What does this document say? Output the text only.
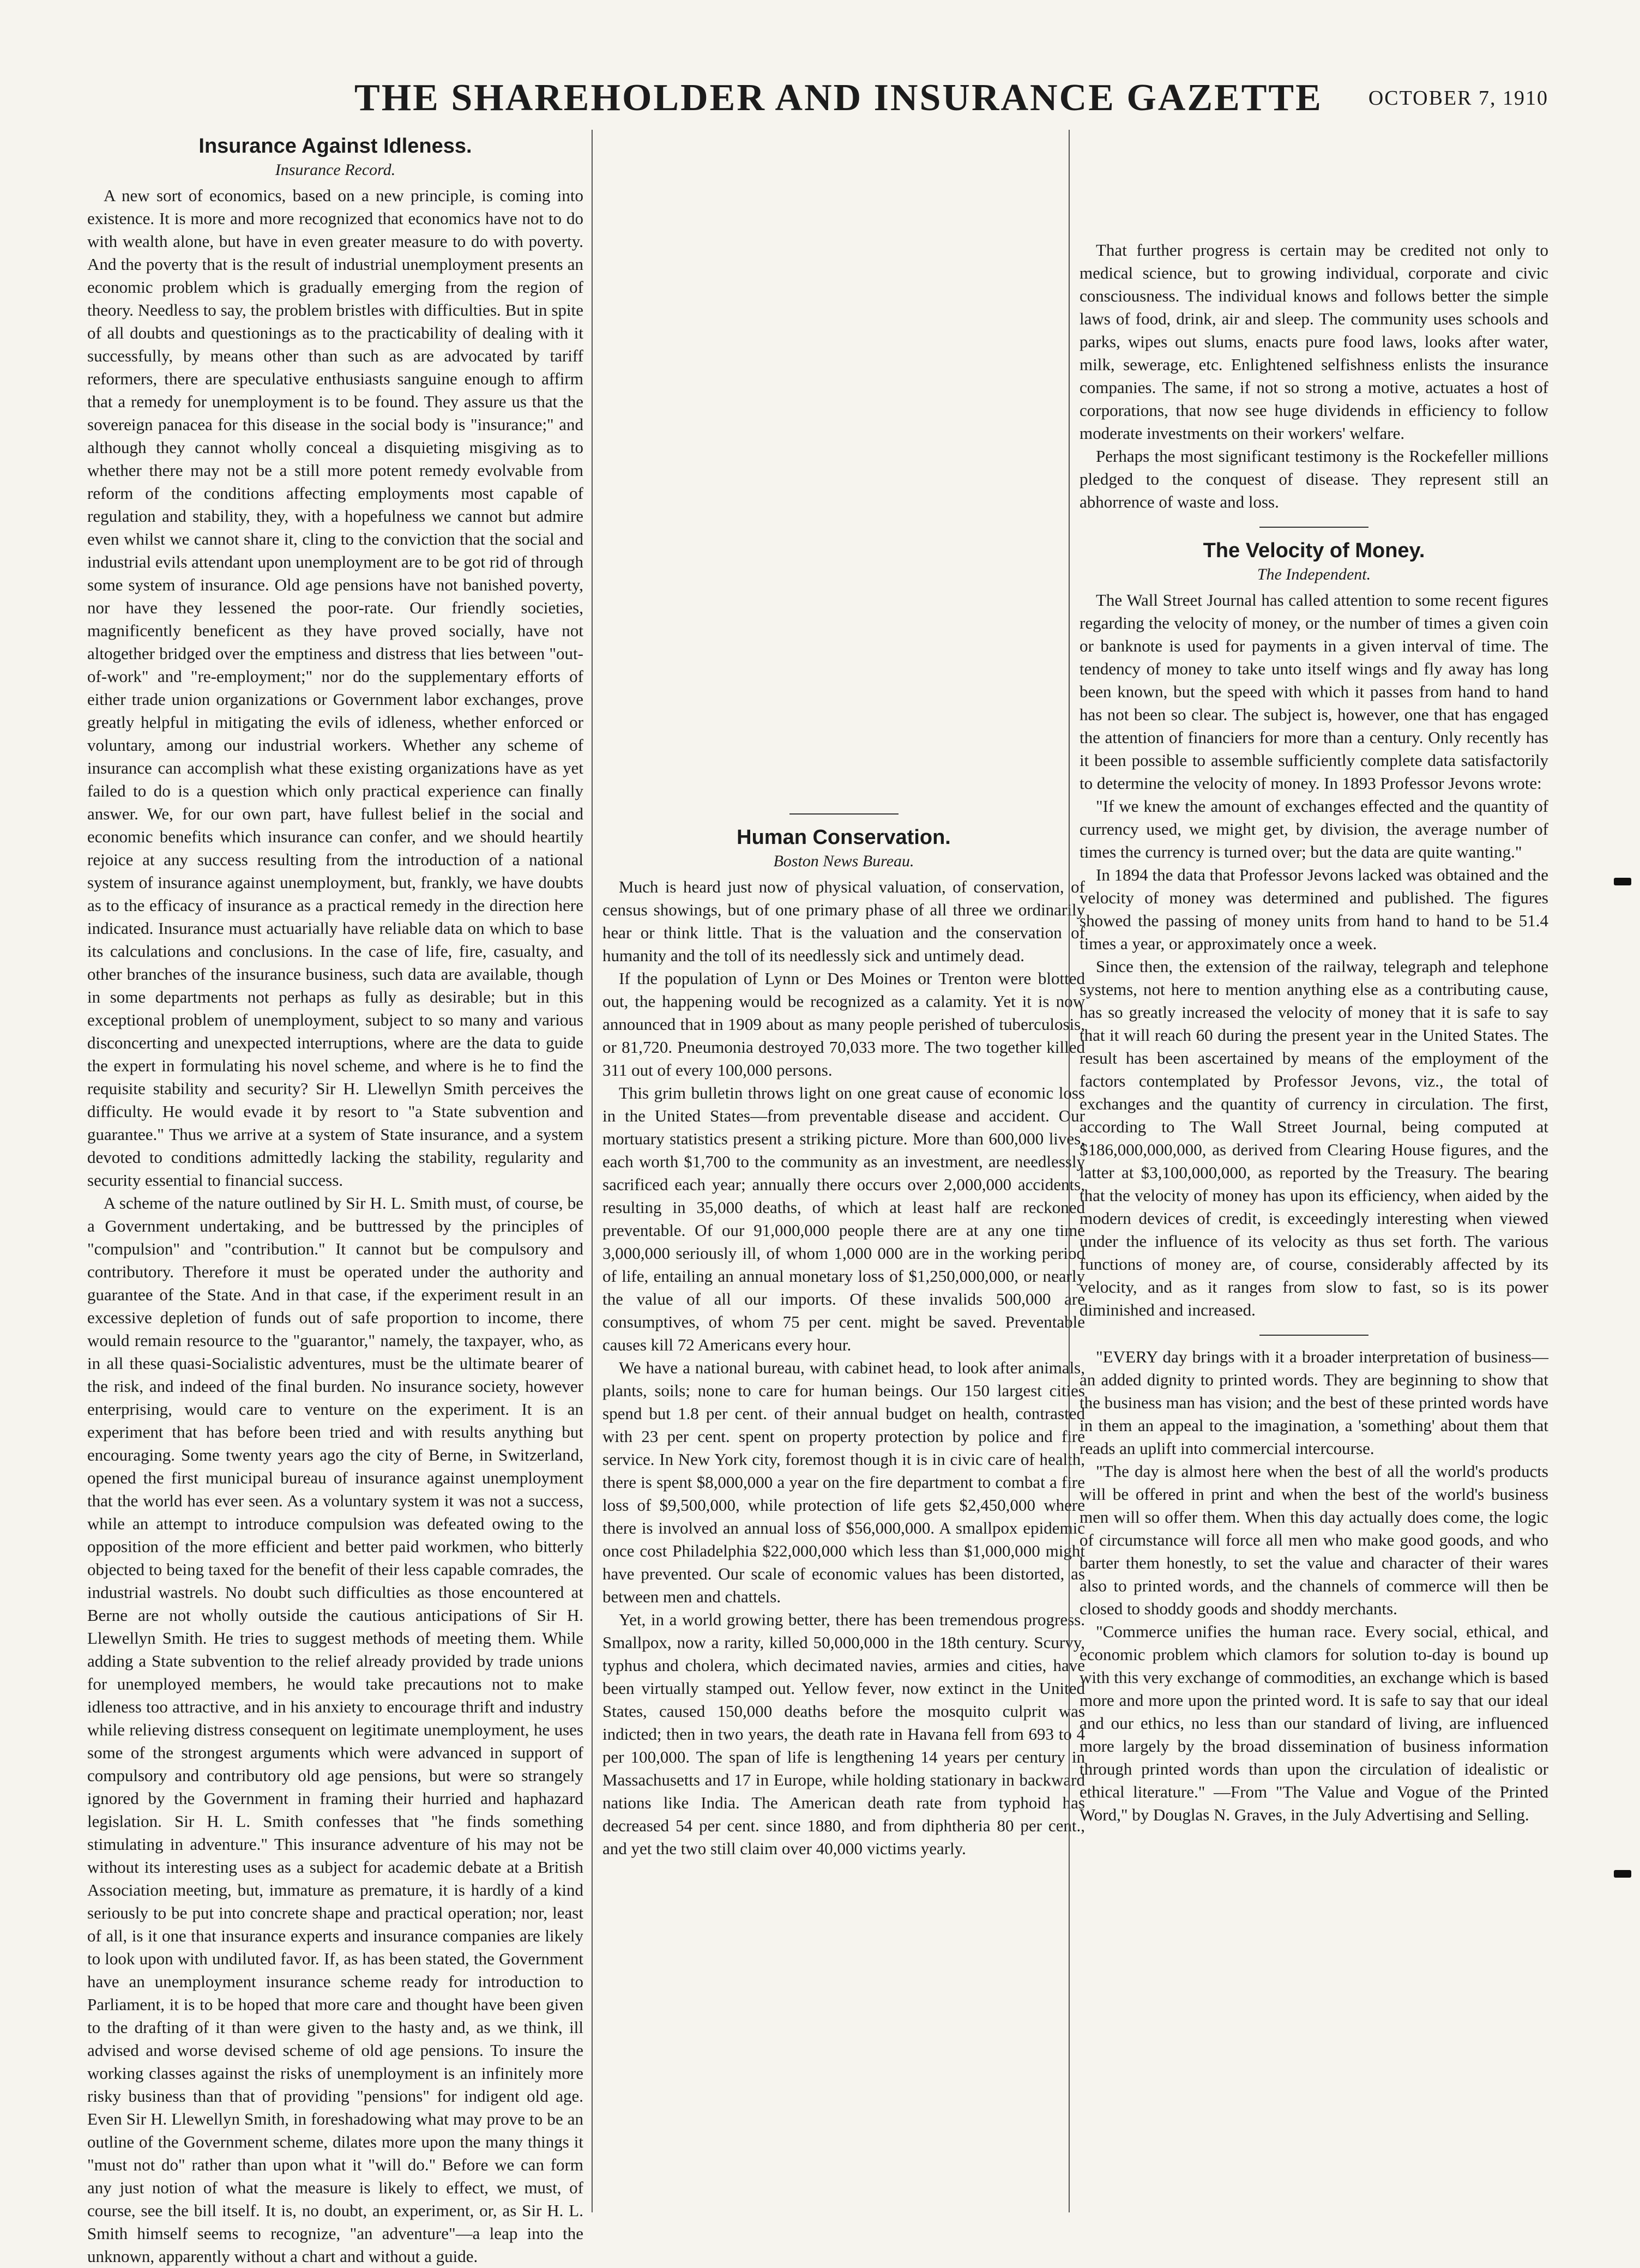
THE SHAREHOLDER AND INSURANCE GAZETTE OCTOBER 7, 1910
Insurance Against Idleness.
Insurance Record.

A new sort of economics, based on a new principle, is coming into existence. It is more and more recognized that economics have not to do with wealth alone, but have in even greater measure to do with poverty. And the poverty that is the result of industrial unemployment presents an economic problem which is gradually emerging from the region of theory. Needless to say, the problem bristles with difficulties. But in spite of all doubts and questionings as to the practicability of dealing with it successfully, by means other than such as are advocated by tariff reformers, there are speculative enthusiasts sanguine enough to affirm that a remedy for unemployment is to be found. They assure us that the sovereign panacea for this disease in the social body is "insurance;" and although they cannot wholly conceal a disquieting misgiving as to whether there may not be a still more potent remedy evolvable from reform of the conditions affecting employments most capable of regulation and stability, they, with a hopefulness we cannot but admire even whilst we cannot share it, cling to the conviction that the social and industrial evils attendant upon unemployment are to be got rid of through some system of insurance. Old age pensions have not banished poverty, nor have they lessened the poor-rate. Our friendly societies, magnificently beneficent as they have proved socially, have not altogether bridged over the emptiness and distress that lies between "out-of-work" and "re-employment;" nor do the supplementary efforts of either trade union organizations or Government labor exchanges, prove greatly helpful in mitigating the evils of idleness, whether enforced or voluntary, among our industrial workers. Whether any scheme of insurance can accomplish what these existing organizations have as yet failed to do is a question which only practical experience can finally answer. We, for our own part, have fullest belief in the social and economic benefits which insurance can confer, and we should heartily rejoice at any success resulting from the introduction of a national system of insurance against unemployment, but, frankly, we have doubts as to the efficacy of insurance as a practical remedy in the direction here indicated. Insurance must actuarially have reliable data on which to base its calculations and conclusions. In the case of life, fire, casualty, and other branches of the insurance business, such data are available, though in some departments not perhaps as fully as desirable; but in this exceptional problem of unemployment, subject to so many and various disconcerting and unexpected interruptions, where are the data to guide the expert in formulating his novel scheme, and where is he to find the requisite stability and security? Sir H. Llewellyn Smith perceives the difficulty. He would evade it by resort to "a State subvention and guarantee." Thus we arrive at a system of State insurance, and a system devoted to conditions admittedly lacking the stability, regularity and security essential to financial success.

A scheme of the nature outlined by Sir H. L. Smith must, of course, be a Government undertaking, and be buttressed by the principles of "compulsion" and "contribution." It cannot but be compulsory and contributory. Therefore it must be operated under the authority and guarantee of the State. And in that case, if the experiment result in an excessive depletion of funds out of safe proportion to income, there would remain resource to the "guarantor," namely, the taxpayer, who, as in all these quasi-Socialistic adventures, must be the ultimate bearer of the risk, and indeed of the final burden. No insurance society, however enterprising, would care to venture on the experiment. It is an experiment that has before been tried and with results anything but encouraging. Some twenty years ago the city of Berne, in Switzerland, opened the first municipal bureau of insurance against unemployment that the world has ever seen. As a voluntary system it was not a success, while an attempt to introduce compulsion was defeated owing to the opposition of the more efficient and better paid workmen, who bitterly objected to being taxed for the benefit of their less capable comrades, the industrial wastrels. No doubt such difficulties as those encountered at Berne are not wholly outside the cautious anticipations of Sir H. Llewellyn Smith. He tries to suggest methods of meeting them. While adding a State subvention to the relief already provided by trade unions for unemployed members, he would take precautions not to make idleness too attractive, and in his anxiety to encourage thrift and industry while relieving distress consequent on legitimate unemployment, he uses some of the strongest arguments which were advanced in support of compulsory and contributory old age pensions, but were so strangely ignored by the Government in framing their hurried and haphazard legislation. Sir H. L. Smith confesses that "he finds something stimulating in adventure." This insurance adventure of his may not be without its interesting uses as a subject for academic debate at a British Association meeting, but, immature as premature, it is hardly of a kind seriously to be put into concrete shape and practical operation; nor, least of all, is it one that insurance experts and insurance companies are likely to look upon with undiluted favor. If, as has been stated, the Government have an unemployment insurance scheme ready for introduction to Parliament, it is to be hoped that more care and thought have been given to the drafting of it than were given to the hasty and, as we think, ill advised and worse devised scheme of old age pensions. To insure the working classes against the risks of unemployment is an infinitely more risky business than that of providing "pensions" for indigent old age. Even Sir H. Llewellyn Smith, in foreshadowing what may prove to be an outline of the Government scheme, dilates more upon the many things it "must not do" rather than upon what it "will do." Before we can form any just notion of what the measure is likely to effect, we must, of course, see the bill itself. It is, no doubt, an experiment, or, as Sir H. L. Smith himself seems to recognize, "an adventure"—a leap into the unknown, apparently without a chart and without a guide.

Human Conservation.
Boston News Bureau.

Much is heard just now of physical valuation, of conservation, of census showings, but of one primary phase of all three we ordinarily hear or think little. That is the valuation and the conservation of humanity and the toll of its needlessly sick and untimely dead.

If the population of Lynn or Des Moines or Trenton were blotted out, the happening would be recognized as a calamity. Yet it is now announced that in 1909 about as many people perished of tuberculosis, or 81,720. Pneumonia destroyed 70,033 more. The two together killed 311 out of every 100,000 persons.

This grim bulletin throws light on one great cause of economic loss in the United States—from preventable disease and accident. Our mortuary statistics present a striking picture. More than 600,000 lives, each worth $1,700 to the community as an investment, are needlessly sacrificed each year; annually there occurs over 2,000,000 accidents, resulting in 35,000 deaths, of which at least half are reckoned preventable. Of our 91,000,000 people there are at any one time 3,000,000 seriously ill, of whom 1,000 000 are in the working period of life, entailing an annual monetary loss of $1,250,000,000, or nearly the value of all our imports. Of these invalids 500,000 are consumptives, of whom 75 per cent. might be saved. Preventable causes kill 72 Americans every hour.

We have a national bureau, with cabinet head, to look after animals, plants, soils; none to care for human beings. Our 150 largest cities spend but 1.8 per cent. of their annual budget on health, contrasted with 23 per cent. spent on property protection by police and fire service. In New York city, foremost though it is in civic care of health, there is spent $8,000,000 a year on the fire department to combat a fire loss of $9,500,000, while protection of life gets $2,450,000 where there is involved an annual loss of $56,000,000. A smallpox epidemic once cost Philadelphia $22,000,000 which less than $1,000,000 might have prevented. Our scale of economic values has been distorted, as between men and chattels.

Yet, in a world growing better, there has been tremendous progress. Smallpox, now a rarity, killed 50,000,000 in the 18th century. Scurvy, typhus and cholera, which decimated navies, armies and cities, have been virtually stamped out. Yellow fever, now extinct in the United States, caused 150,000 deaths before the mosquito culprit was indicted; then in two years, the death rate in Havana fell from 693 to 4 per 100,000. The span of life is lengthening 14 years per century in Massachusetts and 17 in Europe, while holding stationary in backward nations like India. The American death rate from typhoid has decreased 54 per cent. since 1880, and from diphtheria 80 per cent., and yet the two still claim over 40,000 victims yearly.

That further progress is certain may be credited not only to medical science, but to growing individual, corporate and civic consciousness. The individual knows and follows better the simple laws of food, drink, air and sleep. The community uses schools and parks, wipes out slums, enacts pure food laws, looks after water, milk, sewerage, etc. Enlightened selfishness enlists the insurance companies. The same, if not so strong a motive, actuates a host of corporations, that now see huge dividends in efficiency to follow moderate investments on their workers' welfare.

Perhaps the most significant testimony is the Rockefeller millions pledged to the conquest of disease. They represent still an abhorrence of waste and loss.

The Velocity of Money.
The Independent.

The Wall Street Journal has called attention to some recent figures regarding the velocity of money, or the number of times a given coin or banknote is used for payments in a given interval of time. The tendency of money to take unto itself wings and fly away has long been known, but the speed with which it passes from hand to hand has not been so clear. The subject is, however, one that has engaged the attention of financiers for more than a century. Only recently has it been possible to assemble sufficiently complete data satisfactorily to determine the velocity of money. In 1893 Professor Jevons wrote:

"If we knew the amount of exchanges effected and the quantity of currency used, we might get, by division, the average number of times the currency is turned over; but the data are quite wanting."

In 1894 the data that Professor Jevons lacked was obtained and the velocity of money was determined and published. The figures showed the passing of money units from hand to hand to be 51.4 times a year, or approximately once a week.

Since then, the extension of the railway, telegraph and telephone systems, not here to mention anything else as a contributing cause, has so greatly increased the velocity of money that it is safe to say that it will reach 60 during the present year in the United States. The result has been ascertained by means of the employment of the factors contemplated by Professor Jevons, viz., the total of exchanges and the quantity of currency in circulation. The first, according to The Wall Street Journal, being computed at $186,000,000,000, as derived from Clearing House figures, and the latter at $3,100,000,000, as reported by the Treasury. The bearing that the velocity of money has upon its efficiency, when aided by the modern devices of credit, is exceedingly interesting when viewed under the influence of its velocity as thus set forth. The various functions of money are, of course, considerably affected by its velocity, and as it ranges from slow to fast, so is its power diminished and increased.

"EVERY day brings with it a broader interpretation of business—an added dignity to printed words. They are beginning to show that the business man has vision; and the best of these printed words have in them an appeal to the imagination, a 'something' about them that reads an uplift into commercial intercourse.

"The day is almost here when the best of all the world's products will be offered in print and when the best of the world's business men will so offer them. When this day actually does come, the logic of circumstance will force all men who make good goods, and who barter them honestly, to set the value and character of their wares also to printed words, and the channels of commerce will then be closed to shoddy goods and shoddy merchants.

"Commerce unifies the human race. Every social, ethical, and economic problem which clamors for solution to-day is bound up with this very exchange of commodities, an exchange which is based more and more upon the printed word. It is safe to say that our ideal and our ethics, no less than our standard of living, are influenced more largely by the broad dissemination of business information through printed words than upon the circulation of idealistic or ethical literature." —From "The Value and Vogue of the Printed Word," by Douglas N. Graves, in the July Advertising and Selling.
